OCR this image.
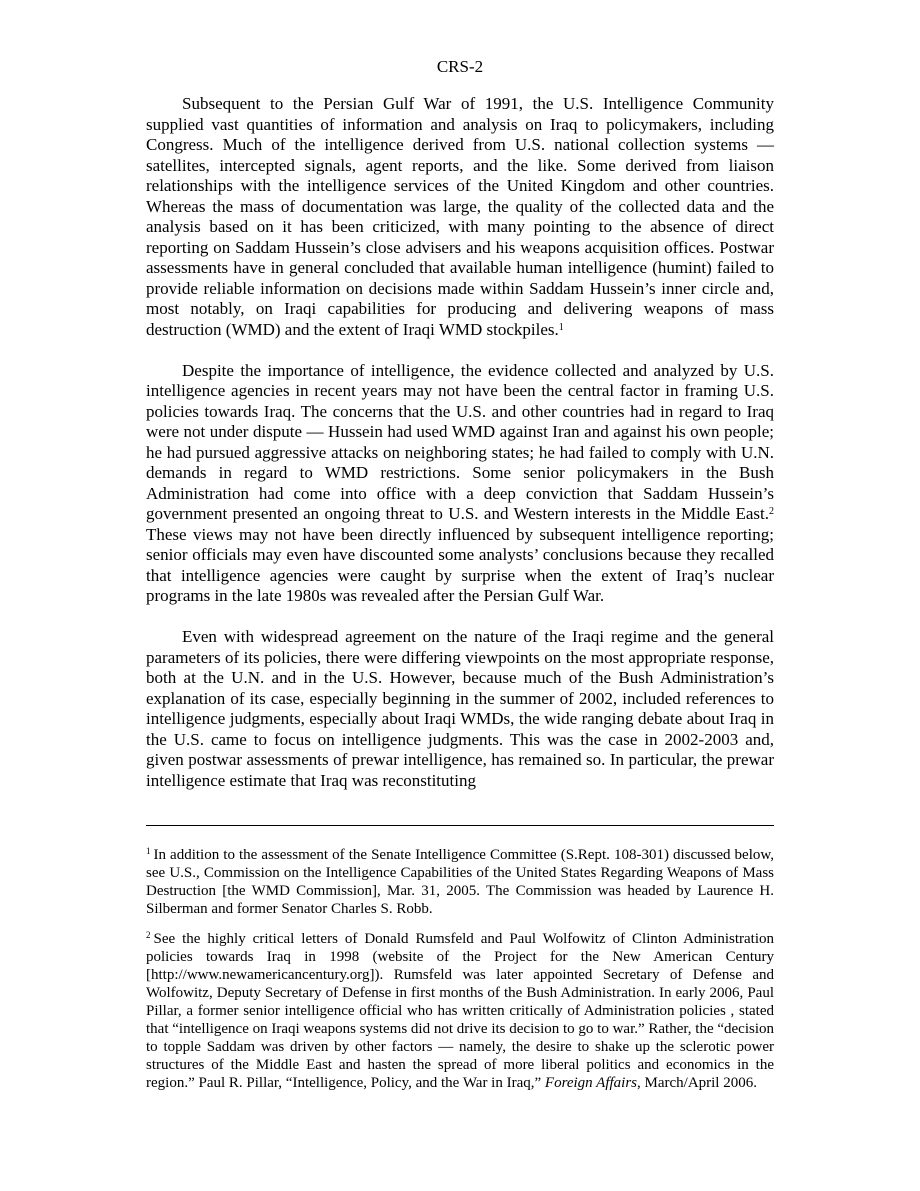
CRS-2

Subsequent to the Persian Gulf War of 1991, the U.S. Intelligence Community supplied vast quantities of information and analysis on Iraq to policymakers, including Congress. Much of the intelligence derived from U.S. national collection systems — satellites, intercepted signals, agent reports, and the like. Some derived from liaison relationships with the intelligence services of the United Kingdom and other countries. Whereas the mass of documentation was large, the quality of the collected data and the analysis based on it has been criticized, with many pointing to the absence of direct reporting on Saddam Hussein’s close advisers and his weapons acquisition offices. Postwar assessments have in general concluded that available human intelligence (humint) failed to provide reliable information on decisions made within Saddam Hussein’s inner circle and, most notably, on Iraqi capabilities for producing and delivering weapons of mass destruction (WMD) and the extent of Iraqi WMD stockpiles.$^1$

Despite the importance of intelligence, the evidence collected and analyzed by U.S. intelligence agencies in recent years may not have been the central factor in framing U.S. policies towards Iraq. The concerns that the U.S. and other countries had in regard to Iraq were not under dispute — Hussein had used WMD against Iran and against his own people; he had pursued aggressive attacks on neighboring states; he had failed to comply with U.N. demands in regard to WMD restrictions. Some senior policymakers in the Bush Administration had come into office with a deep conviction that Saddam Hussein’s government presented an ongoing threat to U.S. and Western interests in the Middle East.$^2$ These views may not have been directly influenced by subsequent intelligence reporting; senior officials may even have discounted some analysts’ conclusions because they recalled that intelligence agencies were caught by surprise when the extent of Iraq’s nuclear programs in the late 1980s was revealed after the Persian Gulf War.

Even with widespread agreement on the nature of the Iraqi regime and the general parameters of its policies, there were differing viewpoints on the most appropriate response, both at the U.N. and in the U.S. However, because much of the Bush Administration’s explanation of its case, especially beginning in the summer of 2002, included references to intelligence judgments, especially about Iraqi WMDs, the wide ranging debate about Iraq in the U.S. came to focus on intelligence judgments. This was the case in 2002-2003 and, given postwar assessments of prewar intelligence, has remained so. In particular, the prewar intelligence estimate that Iraq was reconstituting

$^1$ In addition to the assessment of the Senate Intelligence Committee (S.Rept. 108-301) discussed below, see U.S., Commission on the Intelligence Capabilities of the United States Regarding Weapons of Mass Destruction [the WMD Commission], Mar. 31, 2005. The Commission was headed by Laurence H. Silberman and former Senator Charles S. Robb.

$^2$ See the highly critical letters of Donald Rumsfeld and Paul Wolfowitz of Clinton Administration policies towards Iraq in 1998 (website of the Project for the New American Century [http://www.newamericancentury.org]). Rumsfeld was later appointed Secretary of Defense and Wolfowitz, Deputy Secretary of Defense in first months of the Bush Administration. In early 2006, Paul Pillar, a former senior intelligence official who has written critically of Administration policies , stated that “intelligence on Iraqi weapons systems did not drive its decision to go to war.” Rather, the “decision to topple Saddam was driven by other factors — namely, the desire to shake up the sclerotic power structures of the Middle East and hasten the spread of more liberal politics and economics in the region.” Paul R. Pillar, “Intelligence, Policy, and the War in Iraq,” Foreign Affairs, March/April 2006.
